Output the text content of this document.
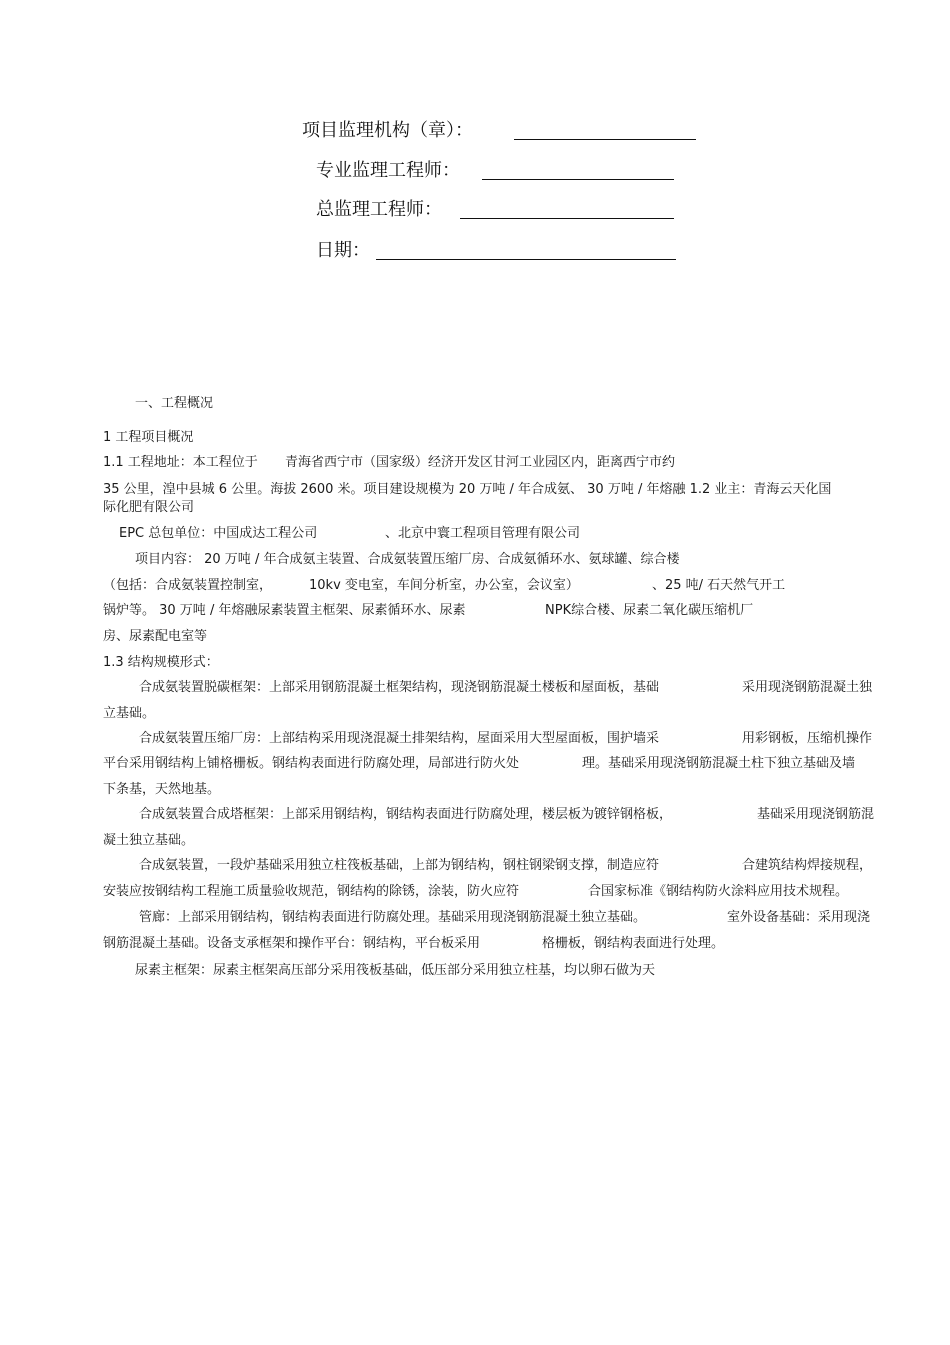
项目监理机构（章）：
专业监理工程师：
总监理工程师：
日期：
一、工程概况
1 工程项目概况
1.1 工程地址：本工程位于 青海省西宁市（国家级）经济开发区甘河工业园区内，距离西宁市约
35 公里，湟中县城 6 公里。海拔 2600 米。项目建设规模为 20 万吨 / 年合成氨、 30 万吨 / 年熔融 1.2 业主：青海云天化国
际化肥有限公司
EPC 总包单位：中国成达工程公司	、北京中寰工程项目管理有限公司
项目内容： 20 万吨 / 年合成氨主装置、合成氨装置压缩厂房、合成氨循环水、氨球罐、综合楼
（包括：合成氨装置控制室，	10kv 变电室，车间分析室，办公室，会议室）	、25 吨/ 石天然气开工
锅炉等。 30 万吨 / 年熔融尿素装置主框架、尿素循环水、尿素	NPK综合楼、尿素二氧化碳压缩机厂
房、尿素配电室等
1.3 结构规模形式：
合成氨装置脱碳框架：上部采用钢筋混凝土框架结构，现浇钢筋混凝土楼板和屋面板，基础	采用现浇钢筋混凝土独
立基础。
合成氨装置压缩厂房：上部结构采用现浇混凝土排架结构，屋面采用大型屋面板，围护墙采	用彩钢板，压缩机操作
平台采用钢结构上铺格栅板。钢结构表面进行防腐处理，局部进行防火处	理。基础采用现浇钢筋混凝土柱下独立基础及墙
下条基，天然地基。
合成氨装置合成塔框架：上部采用钢结构，钢结构表面进行防腐处理，楼层板为镀锌钢格板，	基础采用现浇钢筋混
凝土独立基础。
合成氨装置，一段炉基础采用独立柱筏板基础，上部为钢结构，钢柱钢梁钢支撑，制造应符	合建筑结构焊接规程，
安装应按钢结构工程施工质量验收规范，钢结构的除锈，涂装，防火应符	合国家标准《钢结构防火涂料应用技术规程。
管廊：上部采用钢结构，钢结构表面进行防腐处理。基础采用现浇钢筋混凝土独立基础。	室外设备基础：采用现浇
钢筋混凝土基础。设备支承框架和操作平台：钢结构，平台板采用	格栅板，钢结构表面进行处理。
尿素主框架：尿素主框架高压部分采用筏板基础，低压部分采用独立柱基，均以卵石做为天
